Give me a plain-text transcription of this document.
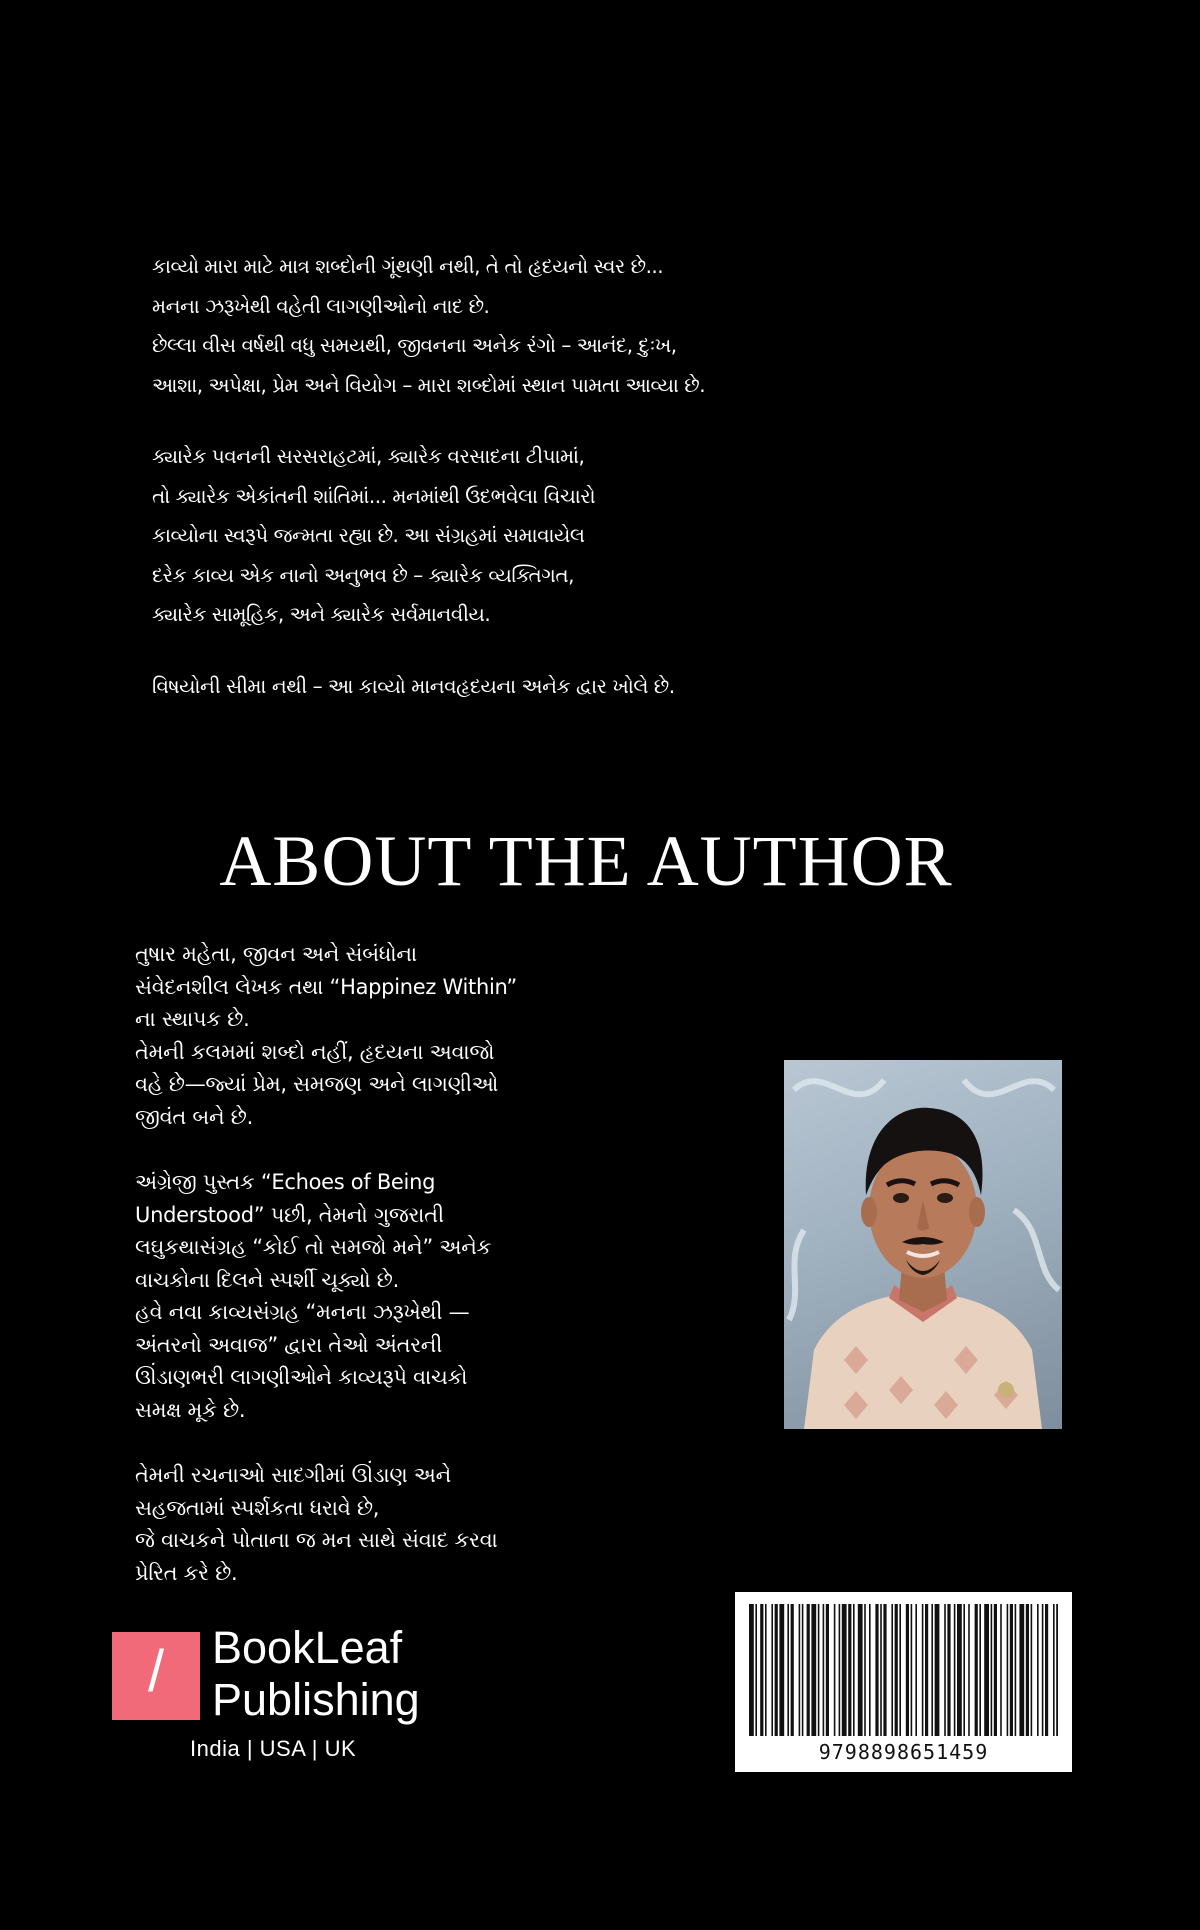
કાવ્યો મારા માટે માત્ર શબ્દોની ગૂંથણી નથી, તે તો હૃદયનો સ્વર છે...
મનના ઝરૂખેથી વહેતી લાગણીઓનો નાદ છે.
છેલ્લા વીસ વર્ષથી વધુ સમયથી, જીવનના અનેક રંગો – આનંદ, દુઃખ,
આશા, અપેક્ષા, પ્રેમ અને વિયોગ – મારા શબ્દોમાં સ્થાન પામતા આવ્યા છે.
ક્યારેક પવનની સરસરાહટમાં, ક્યારેક વરસાદના ટીપામાં,
તો ક્યારેક એકાંતની શાંતિમાં... મનમાંથી ઉદભવેલા વિચારો
કાવ્યોના સ્વરૂપે જન્મતા રહ્યા છે. આ સંગ્રહમાં સમાવાયેલ
દરેક કાવ્ય એક નાનો અનુભવ છે – ક્યારેક વ્યક્તિગત,
ક્યારેક સામૂહિક, અને ક્યારેક સર્વમાનવીય.
વિષયોની સીમા નથી – આ કાવ્યો માનવહૃદયના અનેક દ્વાર ખોલે છે.
ABOUT THE AUTHOR
તુષાર મહેતા, જીવન અને સંબંધોના
સંવેદનશીલ લેખક તથા “Happinez Within”
ના સ્થાપક છે.
તેમની કલમમાં શબ્દો નહીં, હૃદયના અવાજો
વહે છે—જ્યાં પ્રેમ, સમજણ અને લાગણીઓ
જીવંત બને છે.
અંગ્રેજી પુસ્તક “Echoes of Being
Understood” પછી, તેમનો ગુજરાતી
લઘુકથાસંગ્રહ “કોઈ તો સમજો મને” અનેક
વાચકોના દિલને સ્પર્શી ચૂક્યો છે.
હવે નવા કાવ્યસંગ્રહ “મનના ઝરૂખેથી —
અંતરનો અવાજ” દ્વારા તેઓ અંતરની
ઊંડાણભરી લાગણીઓને કાવ્યરૂપે વાચકો
સમક્ષ મૂકે છે.
તેમની રચનાઓ સાદગીમાં ઊંડાણ અને
સહજતામાં સ્પર્શકતા ધરાવે છે,
જે વાચકને પોતાના જ મન સાથે સંવાદ કરવા
પ્રેરિત કરે છે.
/	BookLeaf
Publishing
India | USA | UK	9798898651459
